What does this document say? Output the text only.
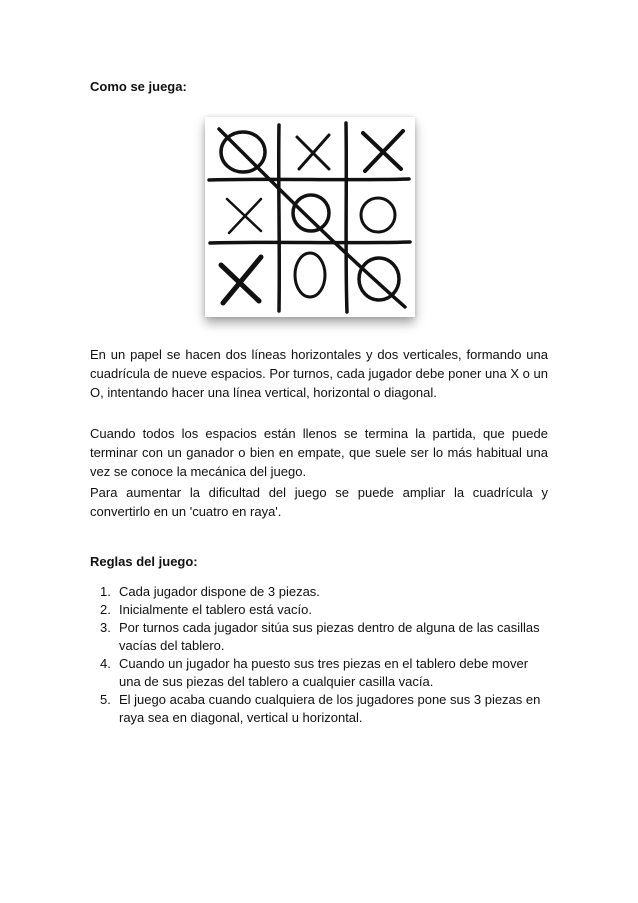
Como se juega:

En un papel se hacen dos líneas horizontales y dos verticales, formando una cuadrícula de nueve espacios. Por turnos, cada jugador debe poner una X o un O, intentando hacer una línea vertical, horizontal o diagonal.

Cuando todos los espacios están llenos se termina la partida, que puede terminar con un ganador o bien en empate, que suele ser lo más habitual una vez se conoce la mecánica del juego.

Para aumentar la dificultad del juego se puede ampliar la cuadrícula y convertirlo en un 'cuatro en raya'.

Reglas del juego:
1. Cada jugador dispone de 3 piezas.
2. Inicialmente el tablero está vacío.
3. Por turnos cada jugador sitúa sus piezas dentro de alguna de las casillas vacías del tablero.
4. Cuando un jugador ha puesto sus tres piezas en el tablero debe mover una de sus piezas del tablero a cualquier casilla vacía.
5. El juego acaba cuando cualquiera de los jugadores pone sus 3 piezas en raya sea en diagonal, vertical u horizontal.
